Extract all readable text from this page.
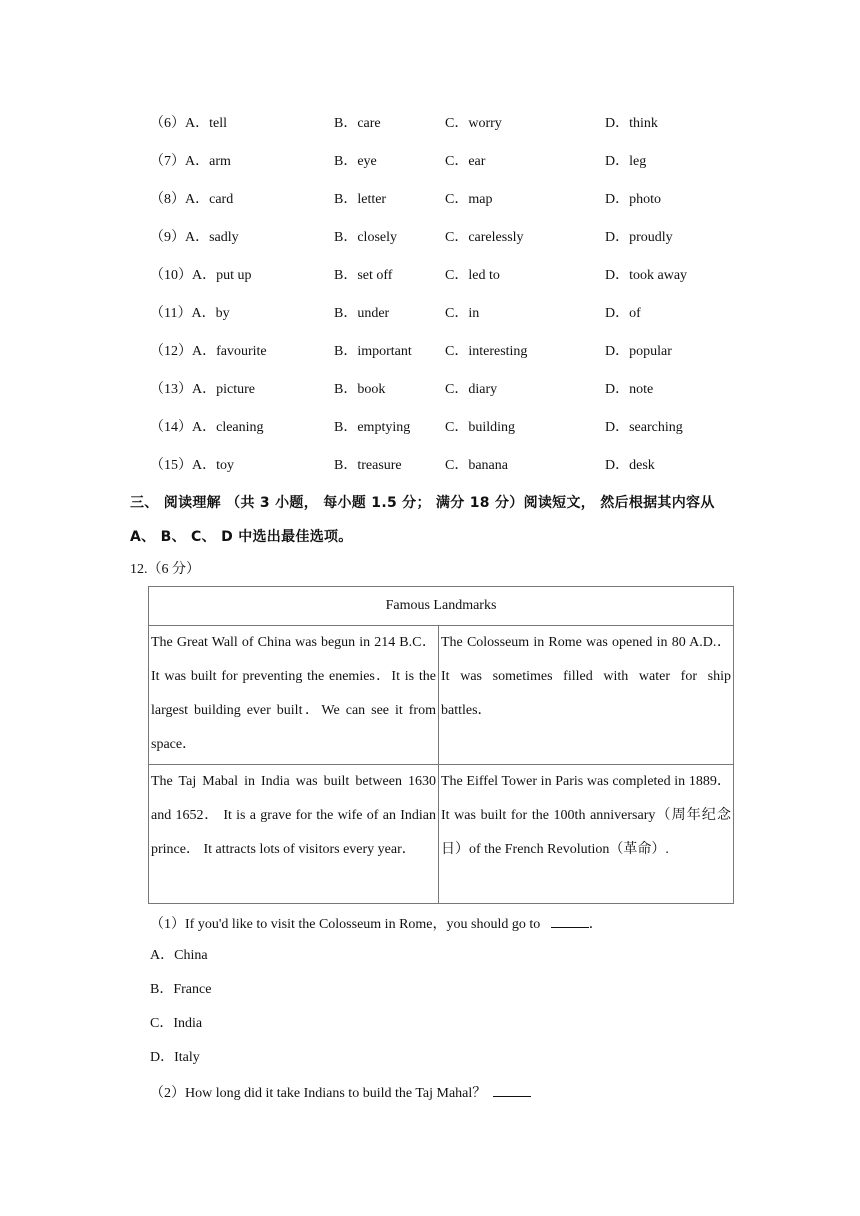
（6）A．tell	B．care	C．worry	D．think
（7）A．arm	B．eye	C．ear	D．leg
（8）A．card	B．letter	C．map	D．photo
（9）A．sadly	B．closely	C．carelessly	D．proudly
（10）A．put up	B．set off	C．led to	D．took away
（11）A．by	B．under	C．in	D．of
（12）A．favourite	B．important C．interesting	D．popular
（13）A．picture	B．book	C．diary	D．note
（14）A．cleaning	B．emptying C．building	D．searching
（15）A．toy	B．treasure	C．banana	D．desk
三、 阅读理解 （共 3 小题， 每小题 1.5 分； 满分 18 分）阅读短文， 然后根据其内容从
A、 B、 C、 D 中选出最佳选项。
12.（6 分）
Famous Landmarks	
The Great Wall of China was begun in 214 B.C．It was built for preventing the enemies．It is the largest building ever built．We can see it from space．	The Colosseum in Rome was opened in 80 A.D.． It was sometimes filled with water for ship battles．
The Taj Mabal in India was built between 1630 and 1652． It is a grave for the wife of an Indian prince． It attracts lots of visitors every year．	The Eiffel Tower in Paris was completed in 1889． It was built for the 100th anniversary（周年纪念日）of the French Revolution（革命）.
（1）If you'd like to visit the Colosseum in Rome，you should go to	．
A．China
B．France
C．India
D．Italy
（2）How long did it take Indians to build the Taj Mahal？
